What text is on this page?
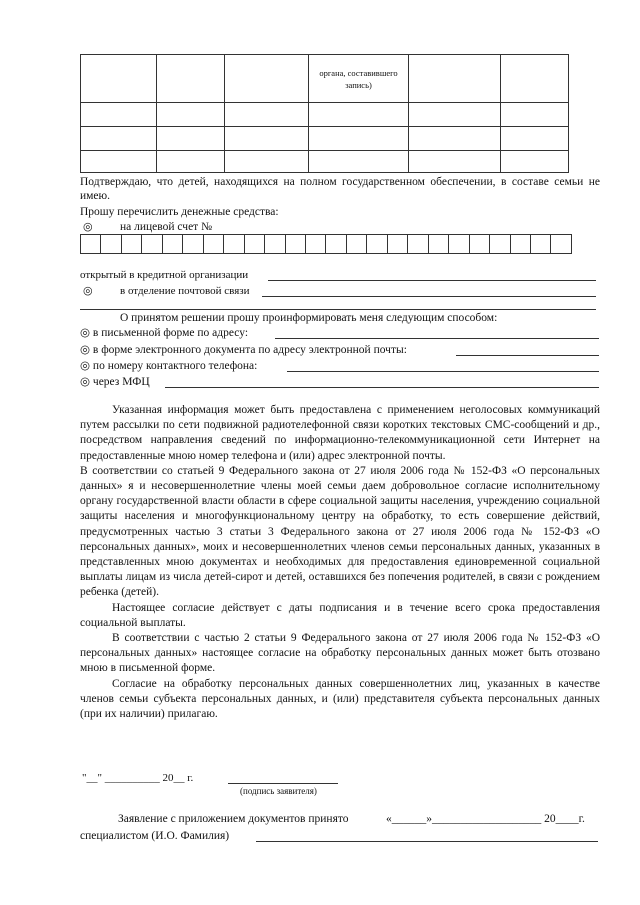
			органа, составившего запись)		

Подтверждаю, что детей, находящихся на полном государственном обеспечении, в составе семьи не имею.
Прошу перечислить денежные средства:
◎ на лицевой счет №

открытый в кредитной организации
◎ в отделение почтовой связи
О принятом решении прошу проинформировать меня следующим способом:
◎ в письменной форме по адресу:
◎ в форме электронного документа по адресу электронной почты:
◎ по номеру контактного телефона:
◎ через МФЦ

Указанная информация может быть предоставлена с применением неголосовых коммуникаций путем рассылки по сети подвижной радиотелефонной связи коротких текстовых СМС-сообщений и др., посредством направления сведений по информационно-телекоммуникационной сети Интернет на предоставленные мною номер телефона и (или) адрес электронной почты.

В соответствии со статьей 9 Федерального закона от 27 июля 2006 года № 152-ФЗ «О персональных данных» я и несовершеннолетние члены моей семьи даем добровольное согласие исполнительному органу государственной власти области в сфере социальной защиты населения, учреждению социальной защиты населения и многофункциональному центру на обработку, то есть совершение действий, предусмотренных частью 3 статьи 3 Федерального закона от 27 июля 2006 года № 152-ФЗ «О персональных данных», моих и несовершеннолетних членов семьи персональных данных, указанных в представленных мною документах и необходимых для предоставления единовременной социальной выплаты лицам из числа детей-сирот и детей, оставшихся без попечения родителей, в связи с рождением ребенка (детей).

Настоящее согласие действует с даты подписания и в течение всего срока предоставления социальной выплаты.

В соответствии с частью 2 статьи 9 Федерального закона от 27 июля 2006 года № 152-ФЗ «О персональных данных» настоящее согласие на обработку персональных данных может быть отозвано мною в письменной форме.

Согласие на обработку персональных данных совершеннолетних лиц, указанных в качестве членов семьи субъекта персональных данных, и (или) представителя субъекта персональных данных (при их наличии) прилагаю.

"__" __________ 20__ г.
(подпись заявителя)
Заявление с приложением документов принято	«______»___________________ 20____г.
специалистом (И.О. Фамилия)
